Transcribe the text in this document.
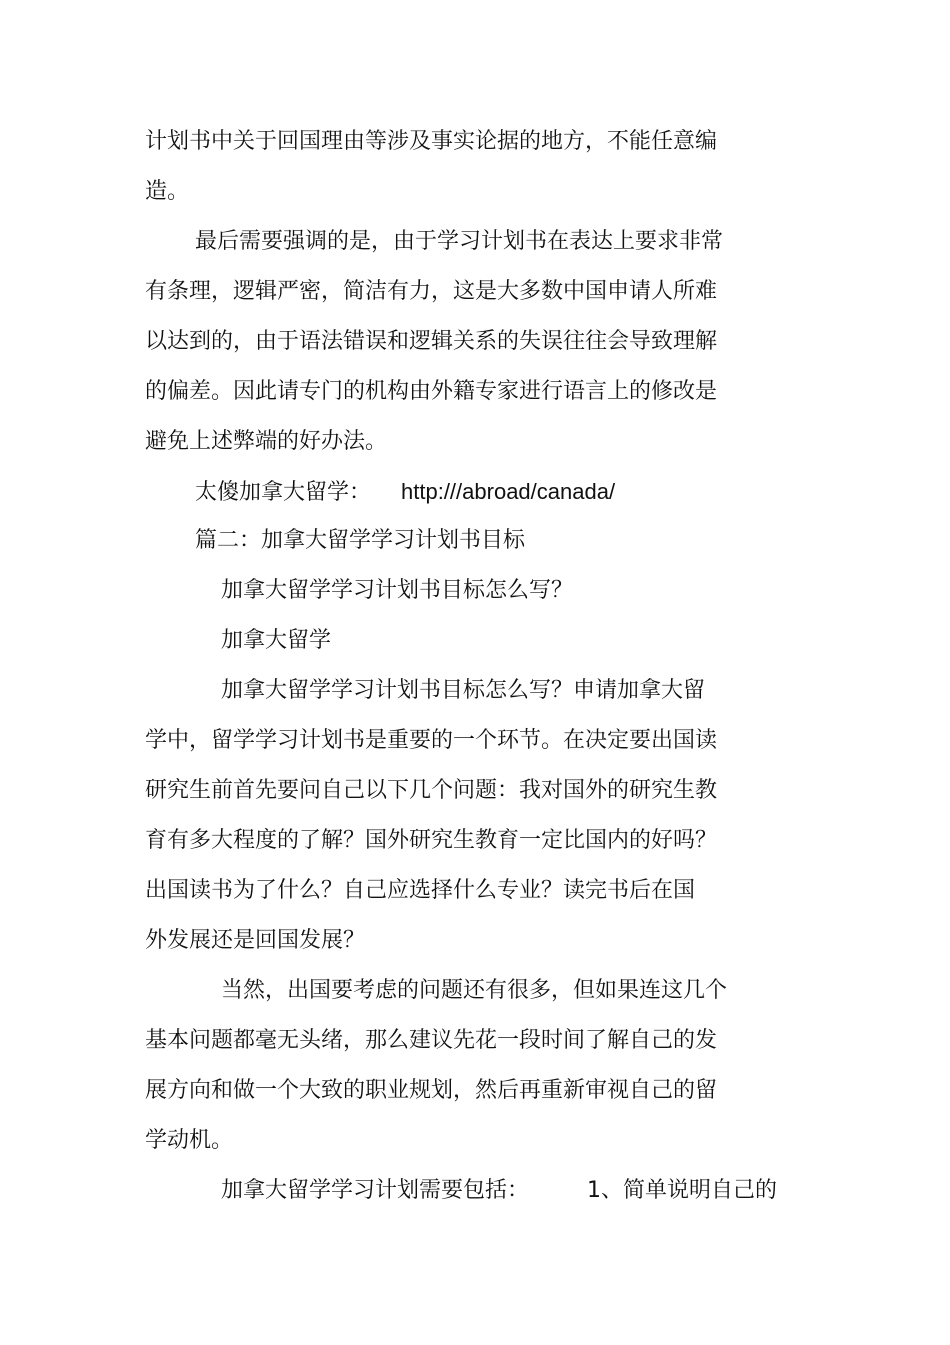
计划书中关于回国理由等涉及事实论据的地方，不能任意编
造。
最后需要强调的是，由于学习计划书在表达上要求非常
有条理，逻辑严密，简洁有力，这是大多数中国申请人所难
以达到的，由于语法错误和逻辑关系的失误往往会导致理解
的偏差。因此请专门的机构由外籍专家进行语言上的修改是
避免上述弊端的好办法。
太傻加拿大留学： http:///abroad/canada/
篇二：加拿大留学学习计划书目标
加拿大留学学习计划书目标怎么写？
加拿大留学
加拿大留学学习计划书目标怎么写？申请加拿大留
学中，留学学习计划书是重要的一个环节。在决定要出国读
研究生前首先要问自己以下几个问题：我对国外的研究生教
育有多大程度的了解？国外研究生教育一定比国内的好吗？
出国读书为了什么？自己应选择什么专业？读完书后在国
外发展还是回国发展？
当然，出国要考虑的问题还有很多，但如果连这几个
基本问题都毫无头绪，那么建议先花一段时间了解自己的发
展方向和做一个大致的职业规划，然后再重新审视自己的留
学动机。
加拿大留学学习计划需要包括：	1、简单说明自己的
